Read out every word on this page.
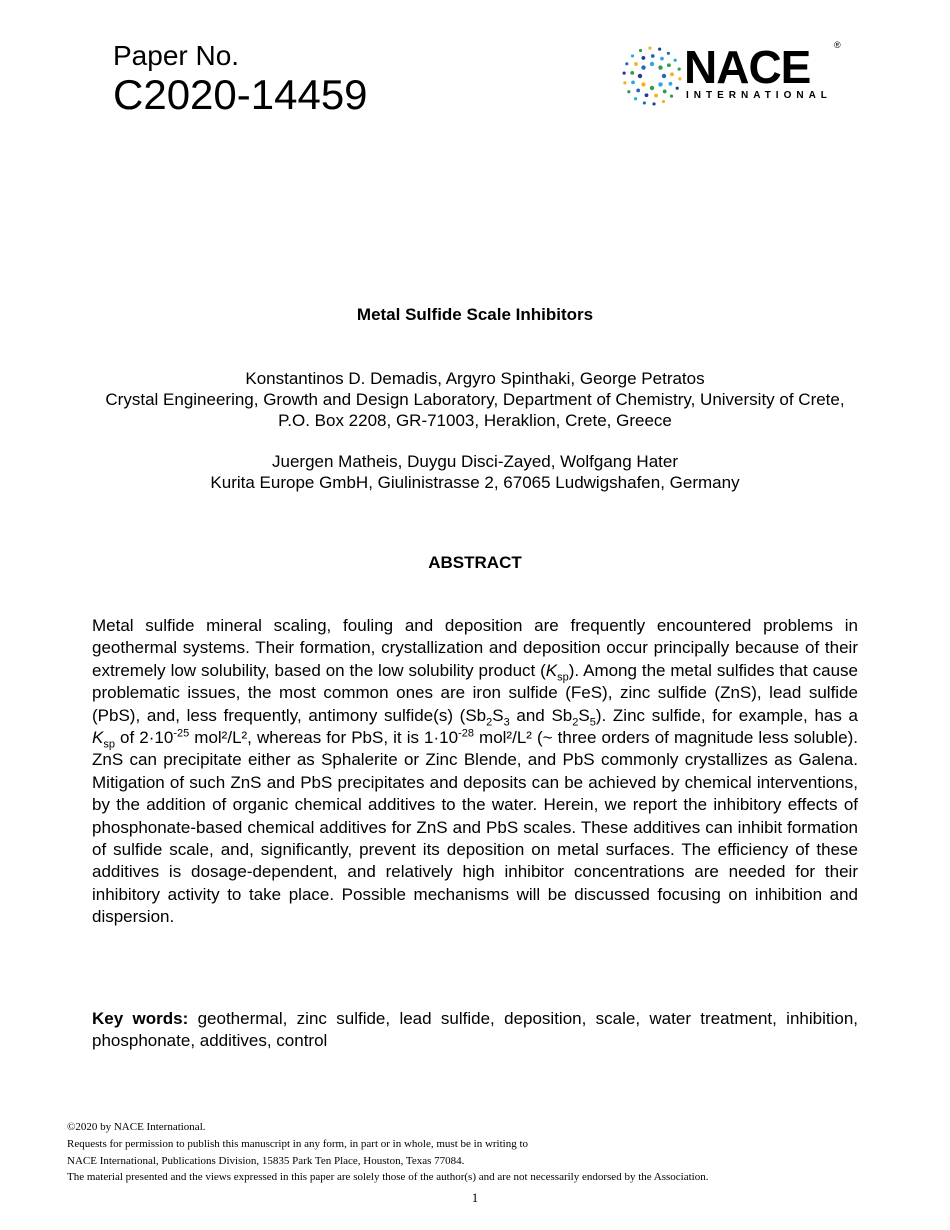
Paper No.
C2020-14459
NACE	®
INTERNATIONAL
Metal Sulfide Scale Inhibitors
Konstantinos D. Demadis, Argyro Spinthaki, George Petratos
Crystal Engineering, Growth and Design Laboratory, Department of Chemistry, University of Crete, P.O. Box 2208, GR-71003, Heraklion, Crete, Greece
Juergen Matheis, Duygu Disci-Zayed, Wolfgang Hater
Kurita Europe GmbH, Giulinistrasse 2, 67065 Ludwigshafen, Germany
ABSTRACT
Metal sulfide mineral scaling, fouling and deposition are frequently encountered problems in geothermal systems. Their formation, crystallization and deposition occur principally because of their extremely low solubility, based on the low solubility product $(K_{sp})$. Among the metal sulfides that cause problematic issues, the most common ones are iron sulfide (FeS), zinc sulfide (ZnS), lead sulfide (PbS), and, less frequently, antimony sulfide(s) ($Sb_2S_3$ and $Sb_2S_5$). Zinc sulfide, for example, has a $K_{sp}$ of $2\cdot 10^{-25}$ mol²/L², whereas for PbS, it is $1\cdot 10^{-28}$ mol²/L² (~ three orders of magnitude less soluble). ZnS can precipitate either as Sphalerite or Zinc Blende, and PbS commonly crystallizes as Galena. Mitigation of such ZnS and PbS precipitates and deposits can be achieved by chemical interventions, by the addition of organic chemical additives to the water. Herein, we report the inhibitory effects of phosphonate-based chemical additives for ZnS and PbS scales. These additives can inhibit formation of sulfide scale, and, significantly, prevent its deposition on metal surfaces. The efficiency of these additives is dosage-dependent, and relatively high inhibitor concentrations are needed for their inhibitory activity to take place. Possible mechanisms will be discussed focusing on inhibition and dispersion.
Key words: geothermal, zinc sulfide, lead sulfide, deposition, scale, water treatment, inhibition, phosphonate, additives, control
©2020 by NACE International.
Requests for permission to publish this manuscript in any form, in part or in whole, must be in writing to
NACE International, Publications Division, 15835 Park Ten Place, Houston, Texas 77084.
The material presented and the views expressed in this paper are solely those of the author(s) and are not necessarily endorsed by the Association.
1
